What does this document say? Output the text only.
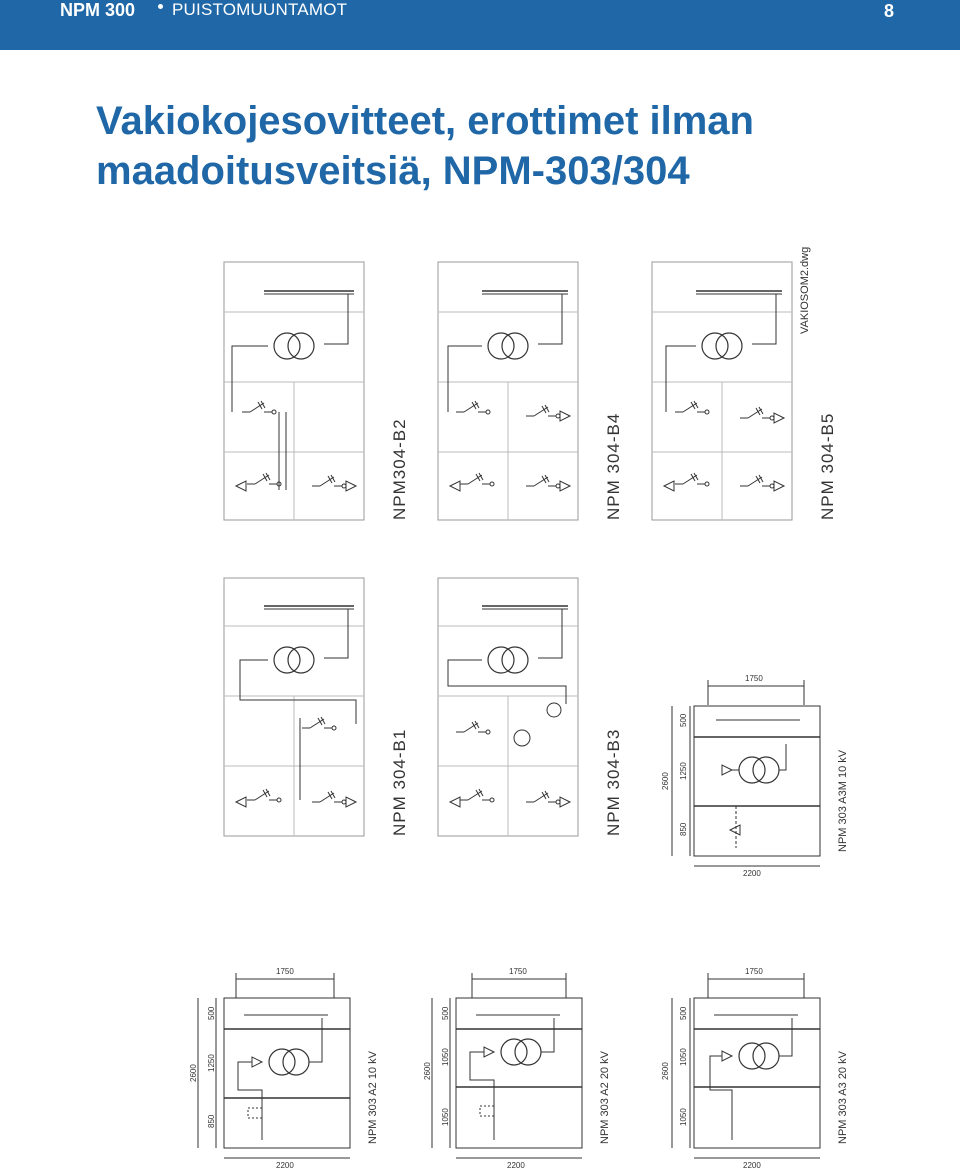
NPM 300 PUISTOMUUNTAMOT	8
Vakiokojesovitteet, erottimet ilman
maadoitusveitsiä, NPM-303/304
NPM304-B2	NPM 304-B4	NPM 304-B5
VAKIOSOM2.dwg
NPM 304-B1	NPM 304-B3
1750
2600
500
1250
850
2200
NPM 303 A3M 10 kV
1750
2600
500
1250
850
2200
NPM 303 A2 10 kV
1750
2600
500
1050
1050
2200
NPM 303 A2 20 kV
1750
2600
500
1050
1050
2200
NPM 303 A3 20 kV
